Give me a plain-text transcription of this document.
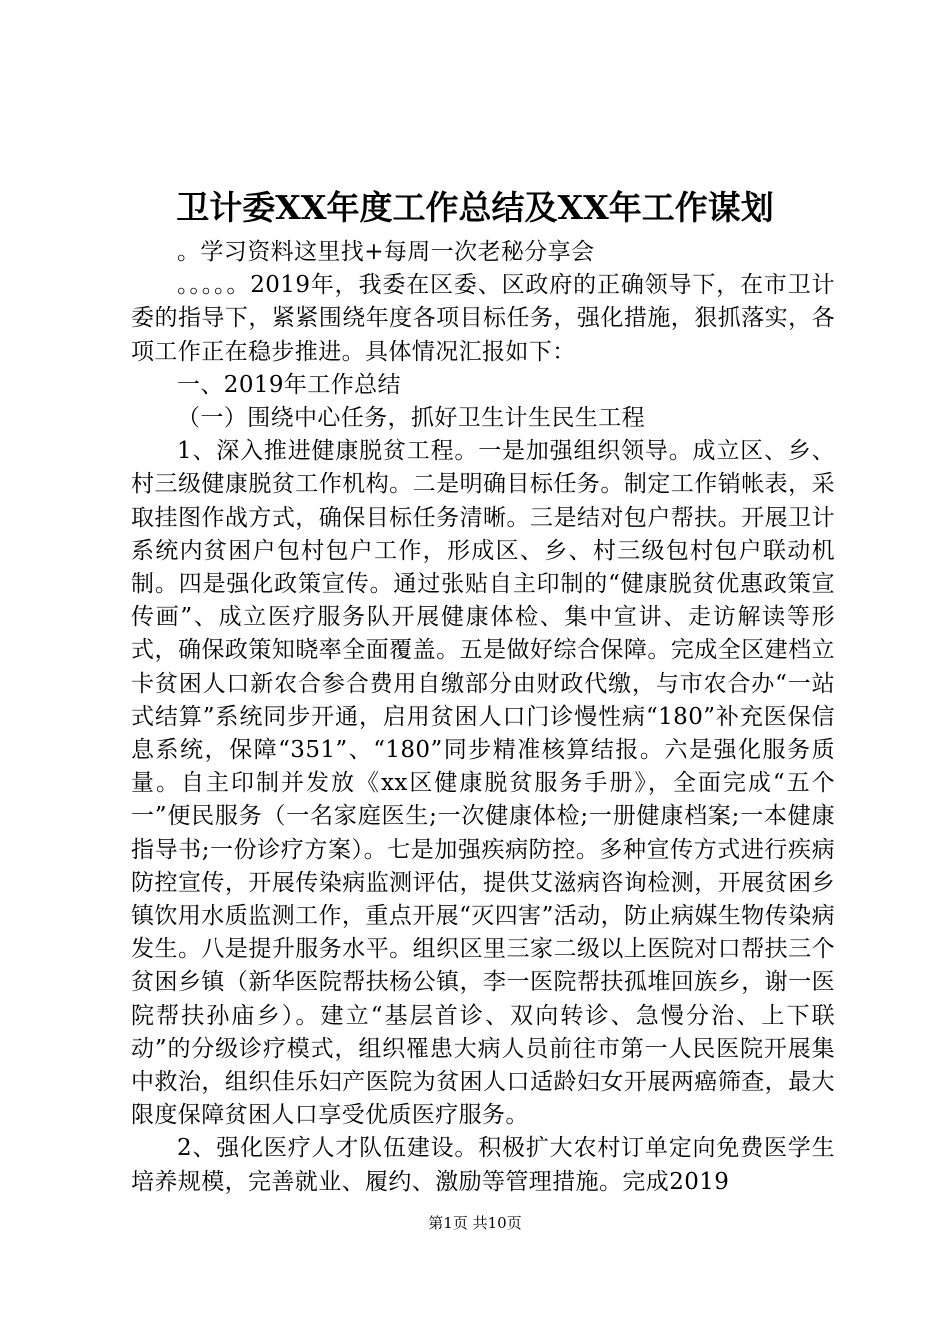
卫计委XX年度工作总结及XX年工作谋划

。学习资料这里找+每周一次老秘分享会

。。。。。2019年，我委在区委、区政府的正确领导下，在市卫计委的指导下，紧紧围绕年度各项目标任务，强化措施，狠抓落实，各项工作正在稳步推进。具体情况汇报如下：

一、2019年工作总结

（一）围绕中心任务，抓好卫生计生民生工程

1、深入推进健康脱贫工程。一是加强组织领导。成立区、乡、村三级健康脱贫工作机构。二是明确目标任务。制定工作销帐表，采取挂图作战方式，确保目标任务清晰。三是结对包户帮扶。开展卫计系统内贫困户包村包户工作，形成区、乡、村三级包村包户联动机制。四是强化政策宣传。通过张贴自主印制的“健康脱贫优惠政策宣传画”、成立医疗服务队开展健康体检、集中宣讲、走访解读等形式，确保政策知晓率全面覆盖。五是做好综合保障。完成全区建档立卡贫困人口新农合参合费用自缴部分由财政代缴，与市农合办“一站式结算”系统同步开通，启用贫困人口门诊慢性病“180”补充医保信息系统，保障“351”、“180”同步精准核算结报。六是强化服务质量。自主印制并发放《xx区健康脱贫服务手册》，全面完成“五个一”便民服务（一名家庭医生;一次健康体检;一册健康档案;一本健康指导书;一份诊疗方案）。七是加强疾病防控。多种宣传方式进行疾病防控宣传，开展传染病监测评估，提供艾滋病咨询检测，开展贫困乡镇饮用水质监测工作，重点开展“灭四害”活动，防止病媒生物传染病发生。八是提升服务水平。组织区里三家二级以上医院对口帮扶三个贫困乡镇（新华医院帮扶杨公镇，李一医院帮扶孤堆回族乡，谢一医院帮扶孙庙乡）。建立“基层首诊、双向转诊、急慢分治、上下联动”的分级诊疗模式，组织罹患大病人员前往市第一人民医院开展集中救治，组织佳乐妇产医院为贫困人口适龄妇女开展两癌筛查，最大限度保障贫困人口享受优质医疗服务。

2、强化医疗人才队伍建设。积极扩大农村订单定向免费医学生培养规模，完善就业、履约、激励等管理措施。完成2019

第1页 共10页
